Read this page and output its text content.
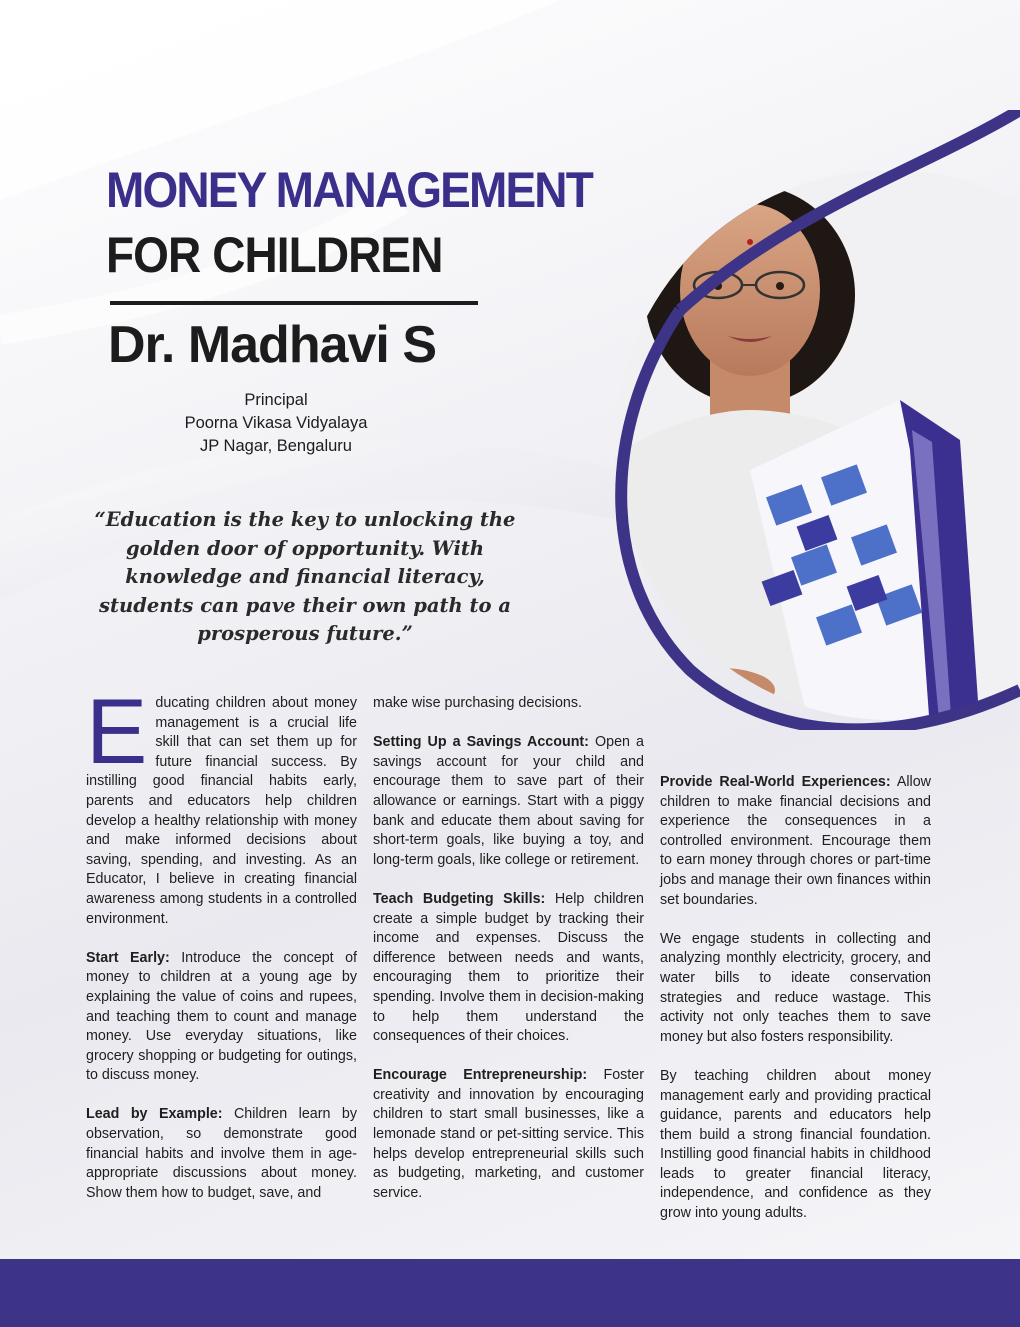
MONEY MANAGEMENT
FOR CHILDREN
Dr. Madhavi S
Principal
Poorna Vikasa Vidyalaya
JP Nagar, Bengaluru
“Education is the key to unlocking the golden door of opportunity. With knowledge and financial literacy, students can pave their own path to a prosperous future.”

Educating children about money management is a crucial life skill that can set them up for future financial success. By instilling good financial habits early, parents and educators help children develop a healthy relationship with money and make informed decisions about saving, spending, and investing. As an Educator, I believe in creating financial awareness among students in a controlled environment.

Start Early: Introduce the concept of money to children at a young age by explaining the value of coins and rupees, and teaching them to count and manage money. Use everyday situations, like grocery shopping or budgeting for outings, to discuss money.

Lead by Example: Children learn by observation, so demonstrate good financial habits and involve them in age-appropriate discussions about money. Show them how to budget, save, and

make wise purchasing decisions.

Setting Up a Savings Account: Open a savings account for your child and encourage them to save part of their allowance or earnings. Start with a piggy bank and educate them about saving for short-term goals, like buying a toy, and long-term goals, like college or retirement.

Teach Budgeting Skills: Help children create a simple budget by tracking their income and expenses. Discuss the difference between needs and wants, encouraging them to prioritize their spending. Involve them in decision-making to help them understand the consequences of their choices.

Encourage Entrepreneurship: Foster creativity and innovation by encouraging children to start small businesses, like a lemonade stand or pet-sitting service. This helps develop entrepreneurial skills such as budgeting, marketing, and customer service.

Provide Real-World Experiences: Allow children to make financial decisions and experience the consequences in a controlled environment. Encourage them to earn money through chores or part-time jobs and manage their own finances within set boundaries.

We engage students in collecting and analyzing monthly electricity, grocery, and water bills to ideate conservation strategies and reduce wastage. This activity not only teaches them to save money but also fosters responsibility.

By teaching children about money management early and providing practical guidance, parents and educators help them build a strong financial foundation. Instilling good financial habits in childhood leads to greater financial literacy, independence, and confidence as they grow into young adults.
